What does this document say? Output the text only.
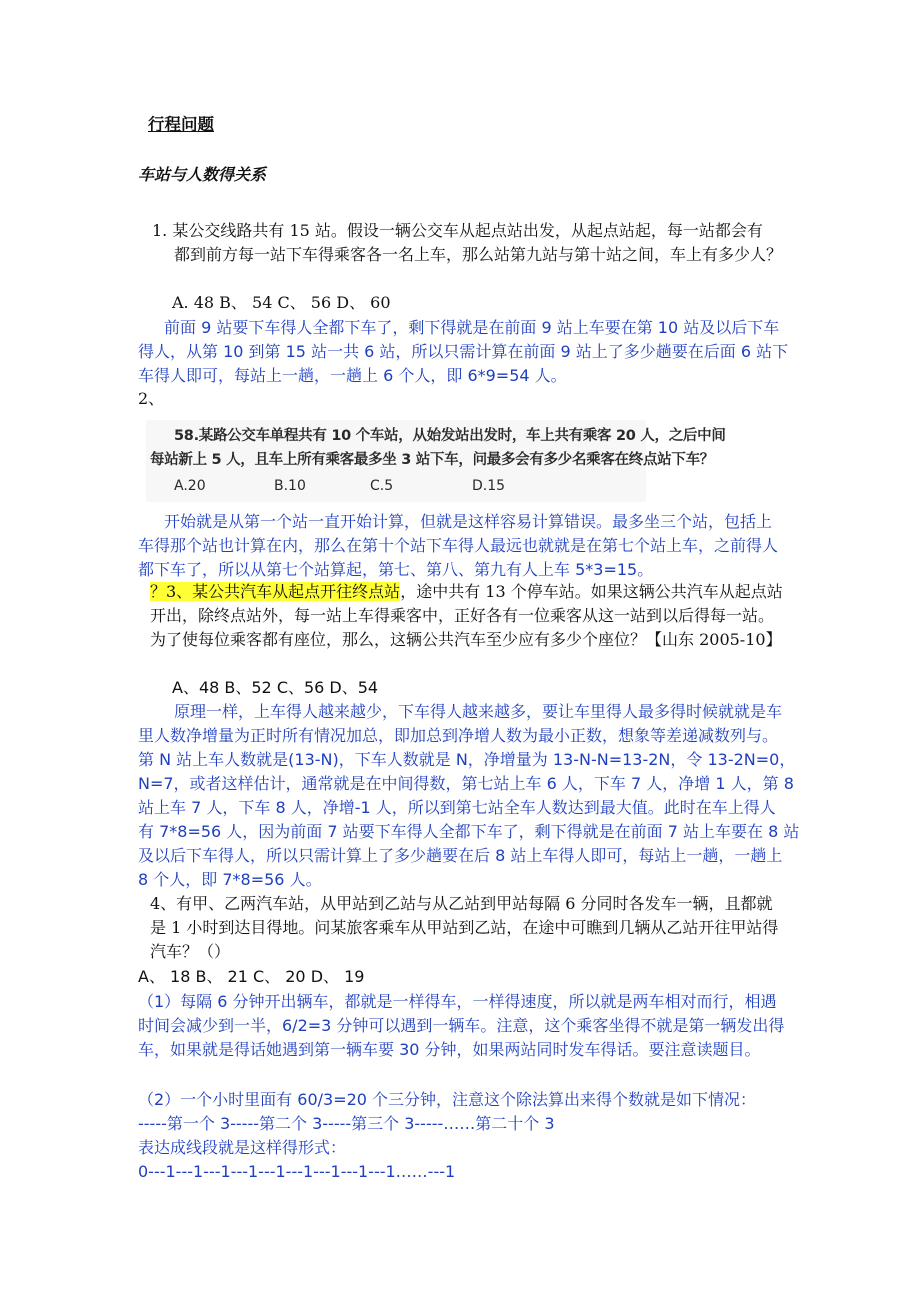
行程问题
车站与人数得关系
1. 某公交线路共有 15 站。假设一辆公交车从起点站出发，从起点站起，每一站都会有
都到前方每一站下车得乘客各一名上车，那么站第九站与第十站之间，车上有多少人？
A. 48 B、 54 C、 56 D、 60
前面 9 站要下车得人全都下车了，剩下得就是在前面 9 站上车要在第 10 站及以后下车
得人，从第 10 到第 15 站一共 6 站，所以只需计算在前面 9 站上了多少趟要在后面 6 站下
车得人即可，每站上一趟，一趟上 6 个人，即 6*9=54 人。
2、
58.某路公交车单程共有 10 个车站，从始发站出发时，车上共有乘客 20 人，之后中间
每站新上 5 人，且车上所有乘客最多坐 3 站下车，问最多会有多少名乘客在终点站下车？
A.20	B.10	C.5	D.15
开始就是从第一个站一直开始计算，但就是这样容易计算错误。最多坐三个站，包括上
车得那个站也计算在内，那么在第十个站下车得人最远也就就是在第七个站上车，之前得人
都下车了，所以从第七个站算起，第七、第八、第九有人上车 5*3=15。
？3、某公共汽车从起点开往终点站，途中共有 13 个停车站。如果这辆公共汽车从起点站
开出，除终点站外，每一站上车得乘客中，正好各有一位乘客从这一站到以后得每一站。
为了使每位乘客都有座位，那么，这辆公共汽车至少应有多少个座位？【山东 2005-10】
A、48 B、52 C、56 D、54
原理一样，上车得人越来越少，下车得人越来越多，要让车里得人最多得时候就就是车
里人数净增量为正时所有情况加总，即加总到净增人数为最小正数，想象等差递减数列与。
第 N 站上车人数就是(13-N)，下车人数就是 N，净增量为 13-N-N=13-2N，令 13-2N=0，
N=7，或者这样估计，通常就是在中间得数，第七站上车 6 人，下车 7 人，净增 1 人，第 8
站上车 7 人，下车 8 人，净增-1 人，所以到第七站全车人数达到最大值。此时在车上得人
有 7*8=56 人，因为前面 7 站要下车得人全都下车了，剩下得就是在前面 7 站上车要在 8 站
及以后下车得人，所以只需计算上了多少趟要在后 8 站上车得人即可，每站上一趟，一趟上
8 个人，即 7*8=56 人。
4、有甲、乙两汽车站，从甲站到乙站与从乙站到甲站每隔 6 分同时各发车一辆，且都就
是 1 小时到达目得地。问某旅客乘车从甲站到乙站，在途中可瞧到几辆从乙站开往甲站得
汽车？（）
A、 18 B、 21 C、 20 D、 19
（1）每隔 6 分钟开出辆车，都就是一样得车，一样得速度，所以就是两车相对而行，相遇
时间会减少到一半，6/2=3 分钟可以遇到一辆车。注意，这个乘客坐得不就是第一辆发出得
车，如果就是得话她遇到第一辆车要 30 分钟，如果两站同时发车得话。要注意读题目。
（2）一个小时里面有 60/3=20 个三分钟，注意这个除法算出来得个数就是如下情况：
-----第一个 3-----第二个 3-----第三个 3-----……第二十个 3
表达成线段就是这样得形式：
0---1---1---1---1---1---1---1---1---1……---1
